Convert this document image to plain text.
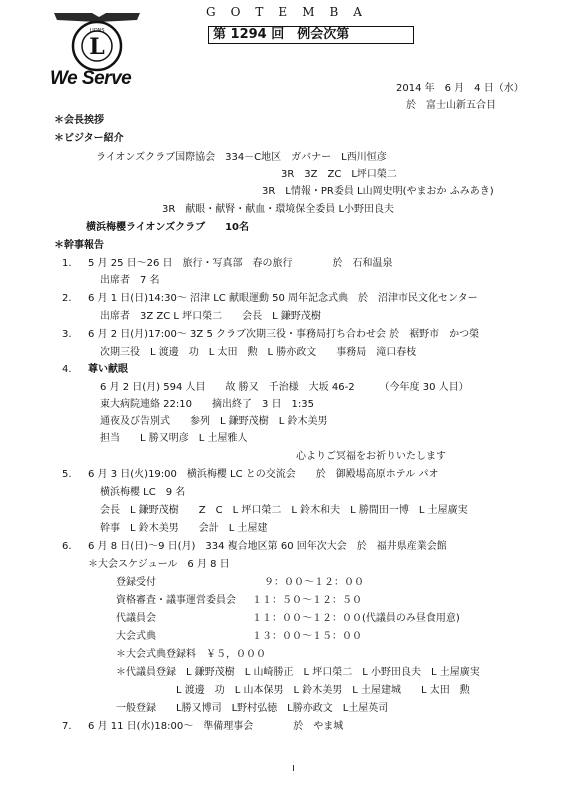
LIONS
L
We Serve
GOTEMBA
第 1294 回　例会次第
2014 年　6 月　4 日（水）
於　富士山新五合目
＊会長挨拶
＊ビジター紹介
ライオンズクラブ国際協会　334－C地区　ガバナー　L西川恒彦
3R　3Z　ZC　L坪口榮二
3R　L情報・PR委員 L山岡史明(やまおか ふみあき)
3R　献眼・献腎・献血・環境保全委員 L小野田良夫
横浜梅櫻ライオンズクラブ　　10名
＊幹事報告
1. 5 月 25 日～26 日　旅行・写真部　春の旅行　　　　於　石和温泉
出席者　7 名
2. 6 月 1 日(日)14:30～ 沼津 LC 献眼運動 50 周年記念式典　於　沼津市民文化センター
出席者　3Z ZC L 坪口榮二　　会長　L 鎌野茂樹
3. 6 月 2 日(月)17:00～ 3Z 5 クラブ次期三役・事務局打ち合わせ会 於　裾野市　かつ榮
次期三役　L 渡邊　功　L 太田　勲　L 勝亦政文　　事務局　滝口春枝
4. 尊い献眼
6 月 2 日(月) 594 人目　　故 勝又　千治様　大坂 46-2　　　（今年度 30 人目）
東大病院連絡 22:10　　摘出終了　3 日　1:35
通夜及び告別式　　参列　L 鎌野茂樹　L 鈴木美男
担当　　L 勝又明彦　L 土屋雅人
心よりご冥福をお祈りいたします
5. 6 月 3 日(火)19:00　横浜梅櫻 LC との交流会　　於　御殿場高原ホテル パオ
横浜梅櫻 LC　9 名
会長　L 鎌野茂樹　　Z　C　L 坪口榮二　L 鈴木和夫　L 勝間田一博　L 土屋廣実
幹事　L 鈴木美男　　会計　L 土屋建
6. 6 月 8 日(日)～9 日(月)　334 複合地区第 60 回年次大会　於　福井県産業会館
＊大会スケジュール　6 月 8 日
登録受付	９：００～１２：００
資格審査・議事運営委員会 １１：５０～１２：５０
代議員会	１１：００～１２：００(代議員のみ昼食用意)
大会式典	１３：００～１５：００
＊大会式典登録料　￥５，０００
＊代議員登録　L 鎌野茂樹　L 山崎勝正　L 坪口榮二　L 小野田良夫　L 土屋廣実
L 渡邊　功　L 山本保男　L 鈴木美男　L 土屋建城　　L 太田　勲
一般登録　　L勝又博司　L野村弘徳　L勝亦政文　L土屋英司
7. 6 月 11 日(水)18:00～　準備理事会　　　　於　やま城
